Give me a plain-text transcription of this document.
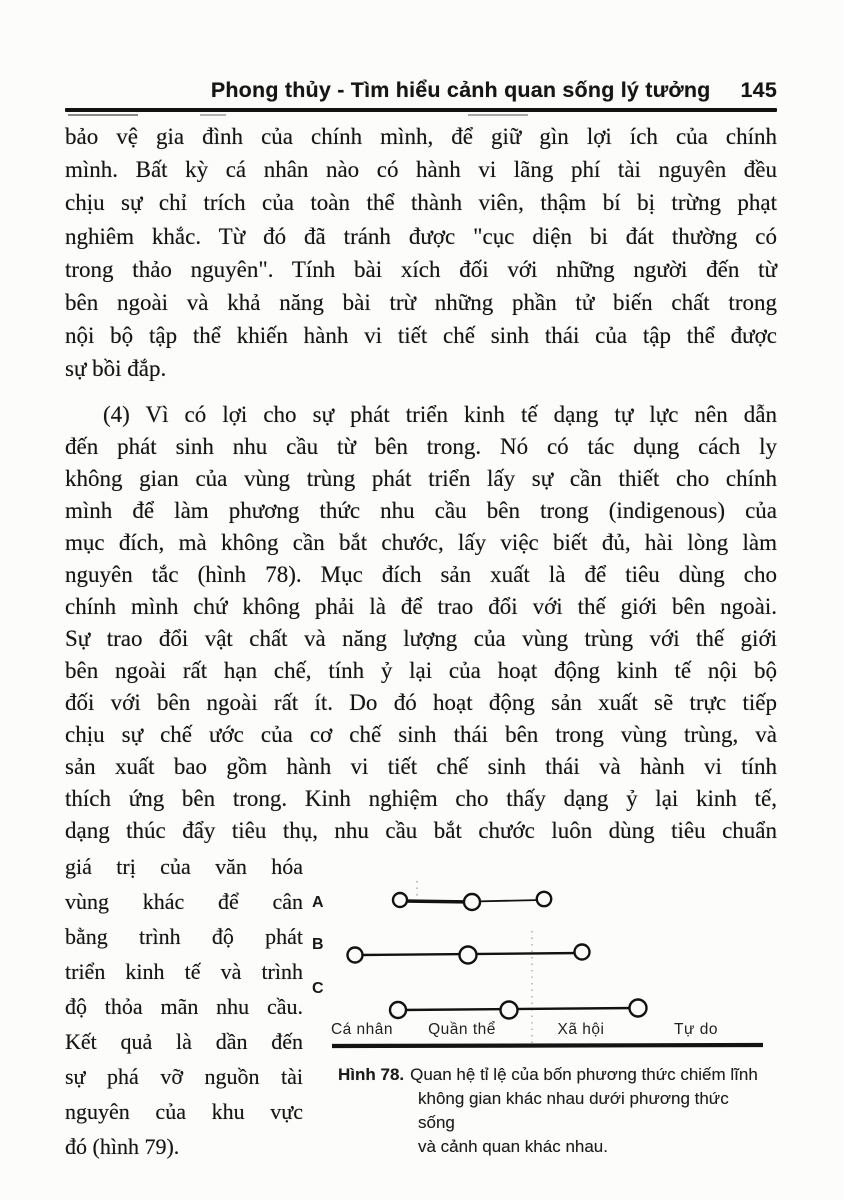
Phong thủy - Tìm hiểu cảnh quan sống lý tưởng 145
bảo vệ gia đình của chính mình, để giữ gìn lợi ích của chính
mình. Bất kỳ cá nhân nào có hành vi lãng phí tài nguyên đều
chịu sự chỉ trích của toàn thể thành viên, thậm bí bị trừng phạt
nghiêm khắc. Từ đó đã tránh được "cục diện bi đát thường có
trong thảo nguyên". Tính bài xích đối với những người đến từ
bên ngoài và khả năng bài trừ những phần tử biến chất trong
nội bộ tập thể khiến hành vi tiết chế sinh thái của tập thể được
sự bồi đắp.
(4) Vì có lợi cho sự phát triển kinh tế dạng tự lực nên dẫn
đến phát sinh nhu cầu từ bên trong. Nó có tác dụng cách ly
không gian của vùng trùng phát triển lấy sự cần thiết cho chính
mình để làm phương thức nhu cầu bên trong (indigenous) của
mục đích, mà không cần bắt chước, lấy việc biết đủ, hài lòng làm
nguyên tắc (hình 78). Mục đích sản xuất là để tiêu dùng cho
chính mình chứ không phải là để trao đổi với thế giới bên ngoài.
Sự trao đổi vật chất và năng lượng của vùng trùng với thế giới
bên ngoài rất hạn chế, tính ỷ lại của hoạt động kinh tế nội bộ
đối với bên ngoài rất ít. Do đó hoạt động sản xuất sẽ trực tiếp
chịu sự chế ước của cơ chế sinh thái bên trong vùng trùng, và
sản xuất bao gồm hành vi tiết chế sinh thái và hành vi tính
thích ứng bên trong. Kinh nghiệm cho thấy dạng ỷ lại kinh tế,
dạng thúc đẩy tiêu thụ, nhu cầu bắt chước luôn dùng tiêu chuẩn
giá trị của văn hóa
vùng khác để cân
bằng trình độ phát
triển kinh tế và trình
độ thỏa mãn nhu cầu.
Kết quả là dần đến
sự phá vỡ nguồn tài
nguyên của khu vực
đó (hình 79).
A
B
C
Cá nhân Quần thể	Xã hội	Tự do
Hình 78. Quan hệ tỉ lệ của bốn phương thức chiếm lĩnh
không gian khác nhau dưới phương thức sống
và cảnh quan khác nhau.
